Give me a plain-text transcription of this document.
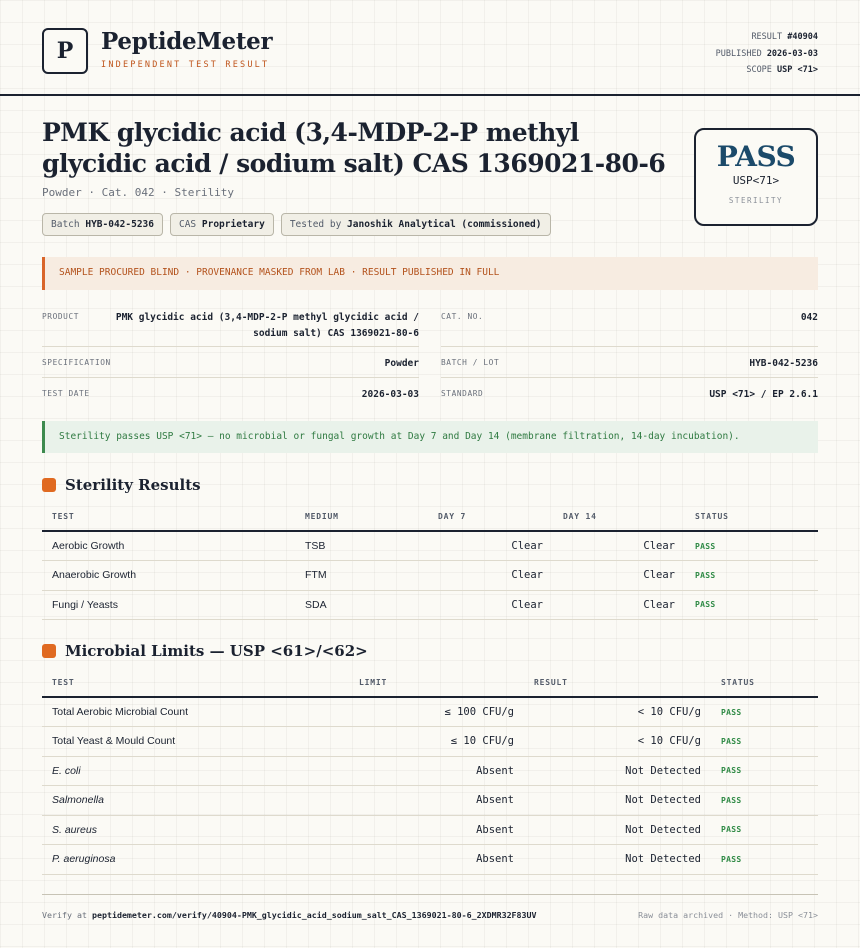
P	PeptideMeter
INDEPENDENT TEST RESULT
RESULT #40904
PUBLISHED 2026-03-03
SCOPE USP <71>
PMK glycidic acid (3,4-MDP-2-P methyl glycidic acid / sodium salt) CAS 1369021-80-6
Powder · Cat. 042 · Sterility
Batch HYB-042-5236	CAS Proprietary	Tested by Janoshik Analytical (commissioned)
PASS
USP<71>
STERILITY
SAMPLE PROCURED BLIND · PROVENANCE MASKED FROM LAB · RESULT PUBLISHED IN FULL
PRODUCT	PMK glycidic acid (3,4-MDP-2-P methyl glycidic acid / sodium salt) CAS 1369021-80-6
CAT. NO.	042
SPECIFICATION	Powder	BATCH / LOT	HYB-042-5236
TEST DATE	2026-03-03	STANDARD	USP <71> / EP 2.6.1
Sterility passes USP <71> — no microbial or fungal growth at Day 7 and Day 14 (membrane filtration, 14-day incubation).
Sterility Results
TEST	MEDIUM	DAY 7	DAY 14	STATUS
Aerobic Growth	TSB	Clear	Clear	PASS
Anaerobic Growth	FTM	Clear	Clear	PASS
Fungi / Yeasts	SDA	Clear	Clear	PASS
Microbial Limits — USP <61>/<62>
TEST	LIMIT	RESULT	STATUS
Total Aerobic Microbial Count	≤ 100 CFU/g	< 10 CFU/g	PASS
Total Yeast & Mould Count	≤ 10 CFU/g	< 10 CFU/g	PASS
E. coli	Absent	Not Detected	PASS
Salmonella	Absent	Not Detected	PASS
S. aureus	Absent	Not Detected	PASS
P. aeruginosa	Absent	Not Detected	PASS
Verify at peptidemeter.com/verify/40904-PMK_glycidic_acid_sodium_salt_CAS_1369021-80-6_2XDMR32F83UV	Raw data archived · Method: USP <71>
